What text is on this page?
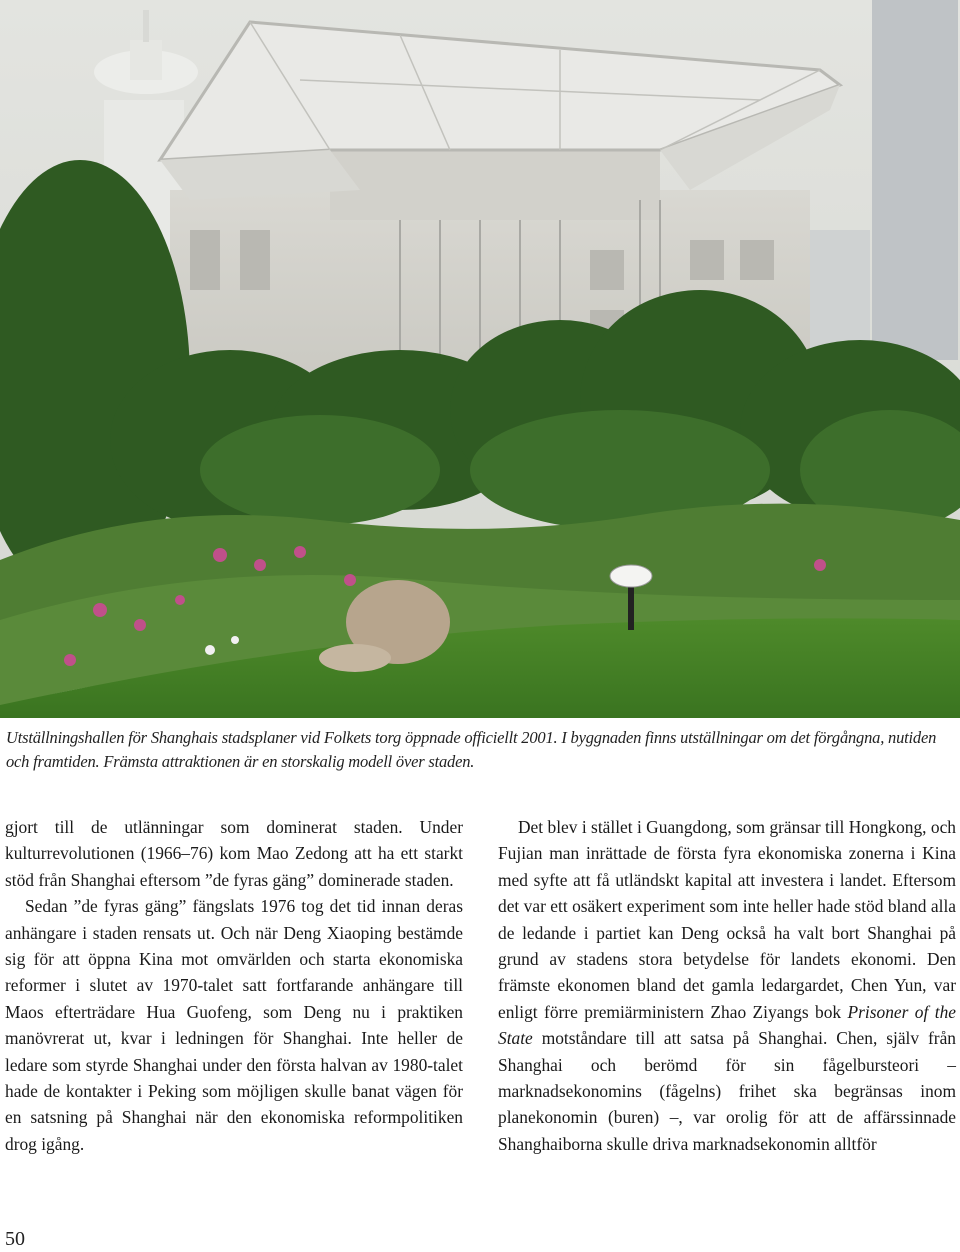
Utställningshallen för Shanghais stadsplaner vid Folkets torg öppnade officiellt 2001. I byggnaden finns utställningar om det förgångna, nutiden och framtiden. Främsta attraktionen är en storskalig modell över staden.

gjort till de utlänningar som dominerat staden. Under kulturrevolutionen (1966–76) kom Mao Zedong att ha ett starkt stöd från Shanghai eftersom ”de fyras gäng” dominerade staden.

Sedan ”de fyras gäng” fängslats 1976 tog det tid innan deras anhängare i staden rensats ut. Och när Deng Xiaoping bestämde sig för att öppna Kina mot omvärlden och starta ekonomiska reformer i slutet av 1970-talet satt fortfarande anhängare till Maos efterträdare Hua Guofeng, som Deng nu i praktiken manövrerat ut, kvar i ledningen för Shanghai. Inte heller de ledare som styrde Shanghai under den första halvan av 1980-talet hade de kontakter i Peking som möjligen skulle banat vägen för en satsning på Shanghai när den ekonomiska reformpolitiken drog igång.

Det blev i stället i Guangdong, som gränsar till Hongkong, och Fujian man inrättade de första fyra ekonomiska zonerna i Kina med syfte att få utländskt kapital att investera i landet. Eftersom det var ett osäkert experiment som inte heller hade stöd bland alla de ledande i partiet kan Deng också ha valt bort Shanghai på grund av stadens stora betydelse för landets ekonomi. Den främste ekonomen bland det gamla ledargardet, Chen Yun, var enligt förre premiärministern Zhao Ziyangs bok Prisoner of the State motståndare till att satsa på Shanghai. Chen, själv från Shanghai och berömd för sin fågelbursteori – marknadsekonomins (fågelns) frihet ska begränsas inom planekonomin (buren) –, var orolig för att de affärssinnade Shanghaiborna skulle driva marknadsekonomin alltför

50
